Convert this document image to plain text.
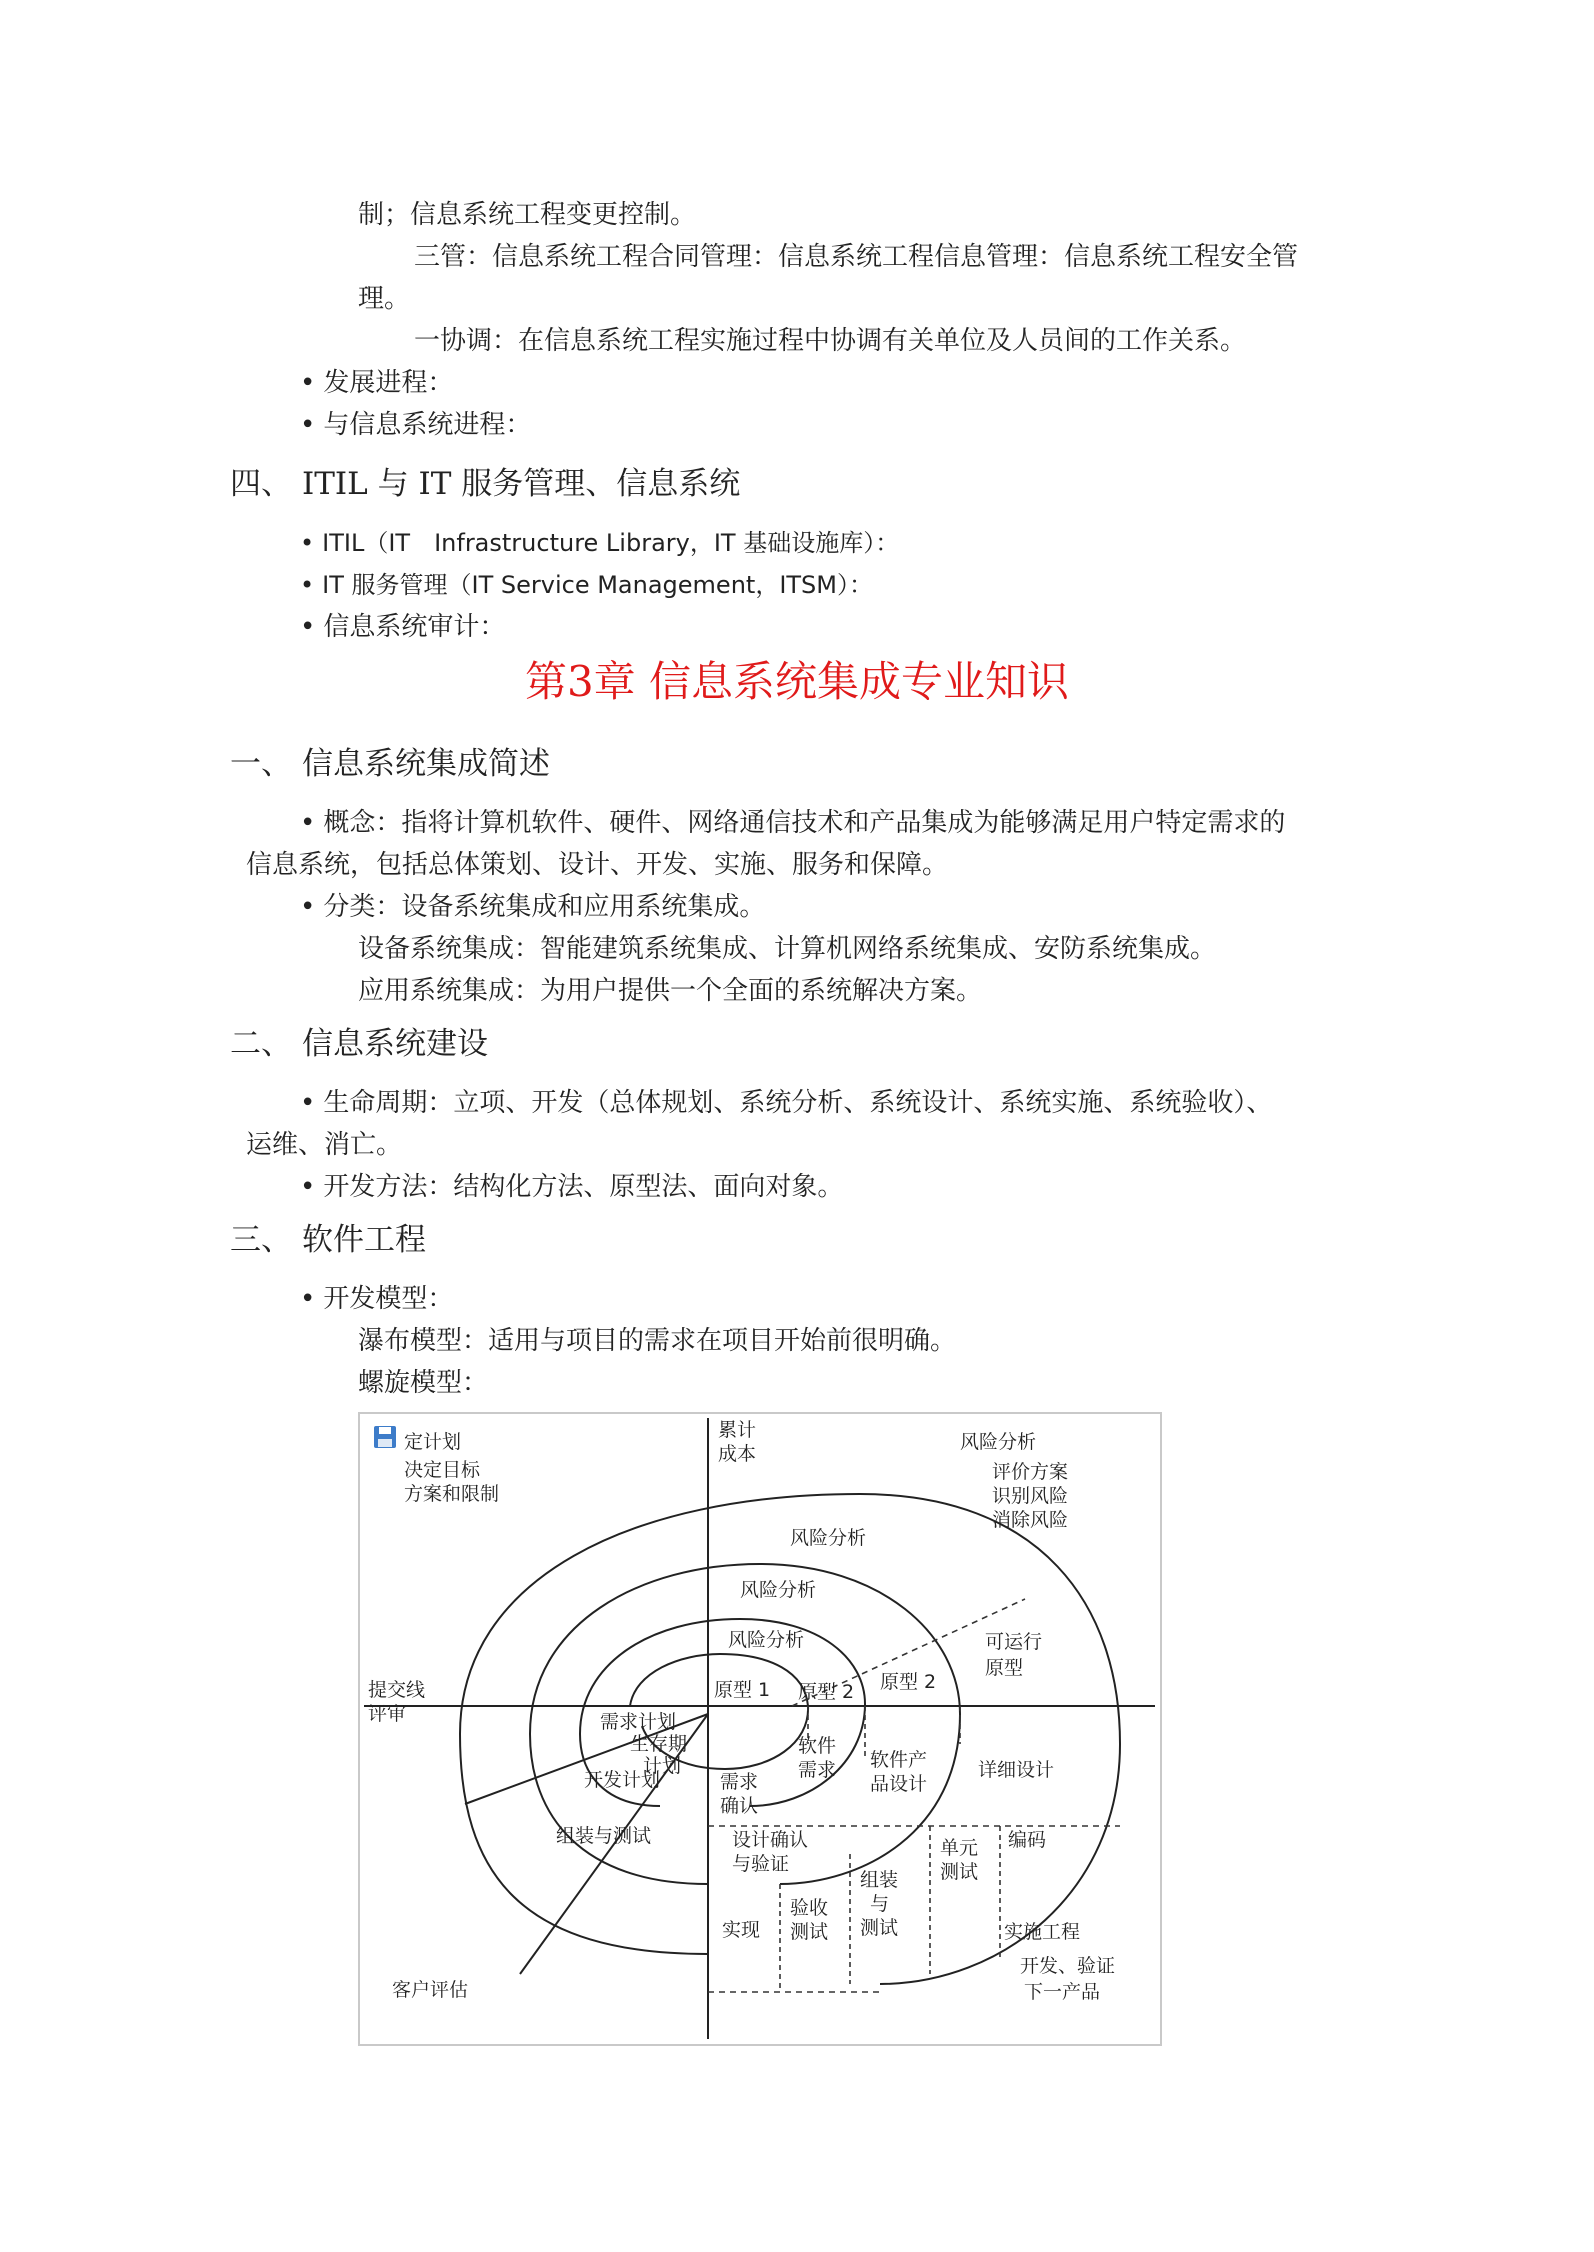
制；信息系统工程变更控制。
三管：信息系统工程合同管理：信息系统工程信息管理：信息系统工程安全管
理。
一协调：在信息系统工程实施过程中协调有关单位及人员间的工作关系。
• 发展进程：
• 与信息系统进程：
四、 ITIL 与 IT 服务管理、信息系统
• ITIL（IT　Infrastructure Library，IT 基础设施库）：
• IT 服务管理（IT Service Management，ITSM）：
• 信息系统审计：
第3章 信息系统集成专业知识
一、 信息系统集成简述
• 概念：指将计算机软件、硬件、网络通信技术和产品集成为能够满足用户特定需求的
信息系统，包括总体策划、设计、开发、实施、服务和保障。
• 分类：设备系统集成和应用系统集成。
设备系统集成：智能建筑系统集成、计算机网络系统集成、安防系统集成。
应用系统集成：为用户提供一个全面的系统解决方案。
二、 信息系统建设
• 生命周期：立项、开发（总体规划、系统分析、系统设计、系统实施、系统验收）、
运维、消亡。
• 开发方法：结构化方法、原型法、面向对象。
三、 软件工程
• 开发模型：
瀑布模型：适用与项目的需求在项目开始前很明确。
螺旋模型：
定计划
决定目标
方案和限制
累计
成本
风险分析
评价方案
识别风险
消除风险
风险分析
风险分析
风险分析
原型 1 原型 2 原型 2
可运行
原型
提交线
评审	需求计划
生存期
计划
软件
需求 软件产
品设计
详细设计
开发计划	需求
确认
组装与测试	设计确认
与验证
单元
测试
编码
组装
与
测试
验收
测试
实现	实施工程
开发、验证
下一产品
客户评估
